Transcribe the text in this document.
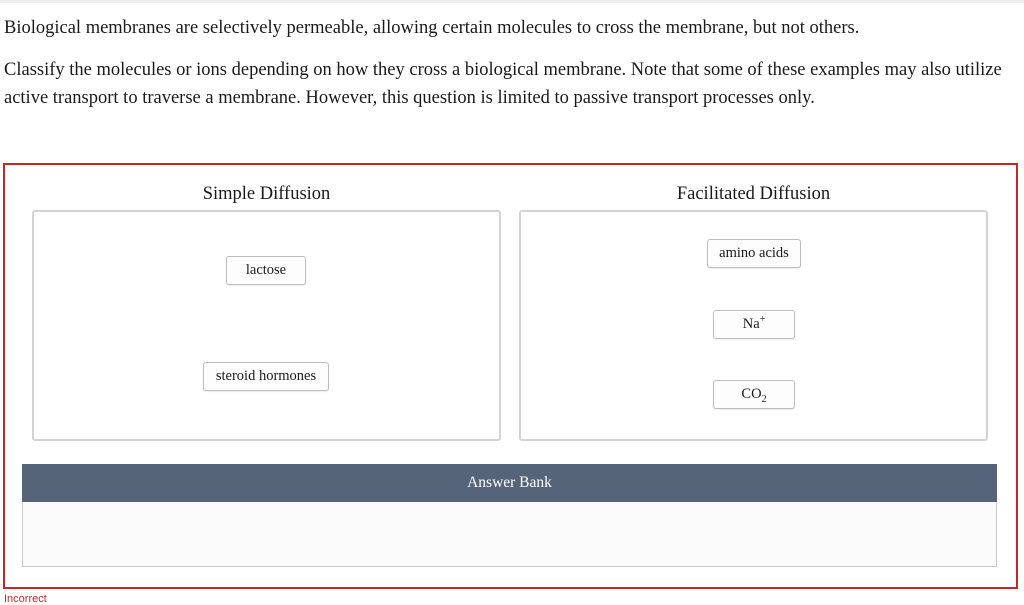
Biological membranes are selectively permeable, allowing certain molecules to cross the membrane, but not others.
Classify the molecules or ions depending on how they cross a biological membrane. Note that some of these examples may also utilize active transport to traverse a membrane. However, this question is limited to passive transport processes only.
Simple Diffusion	Facilitated Diffusion
lactose
steroid hormones
amino acids
Na+
$CO_2$
Answer Bank
Incorrect
